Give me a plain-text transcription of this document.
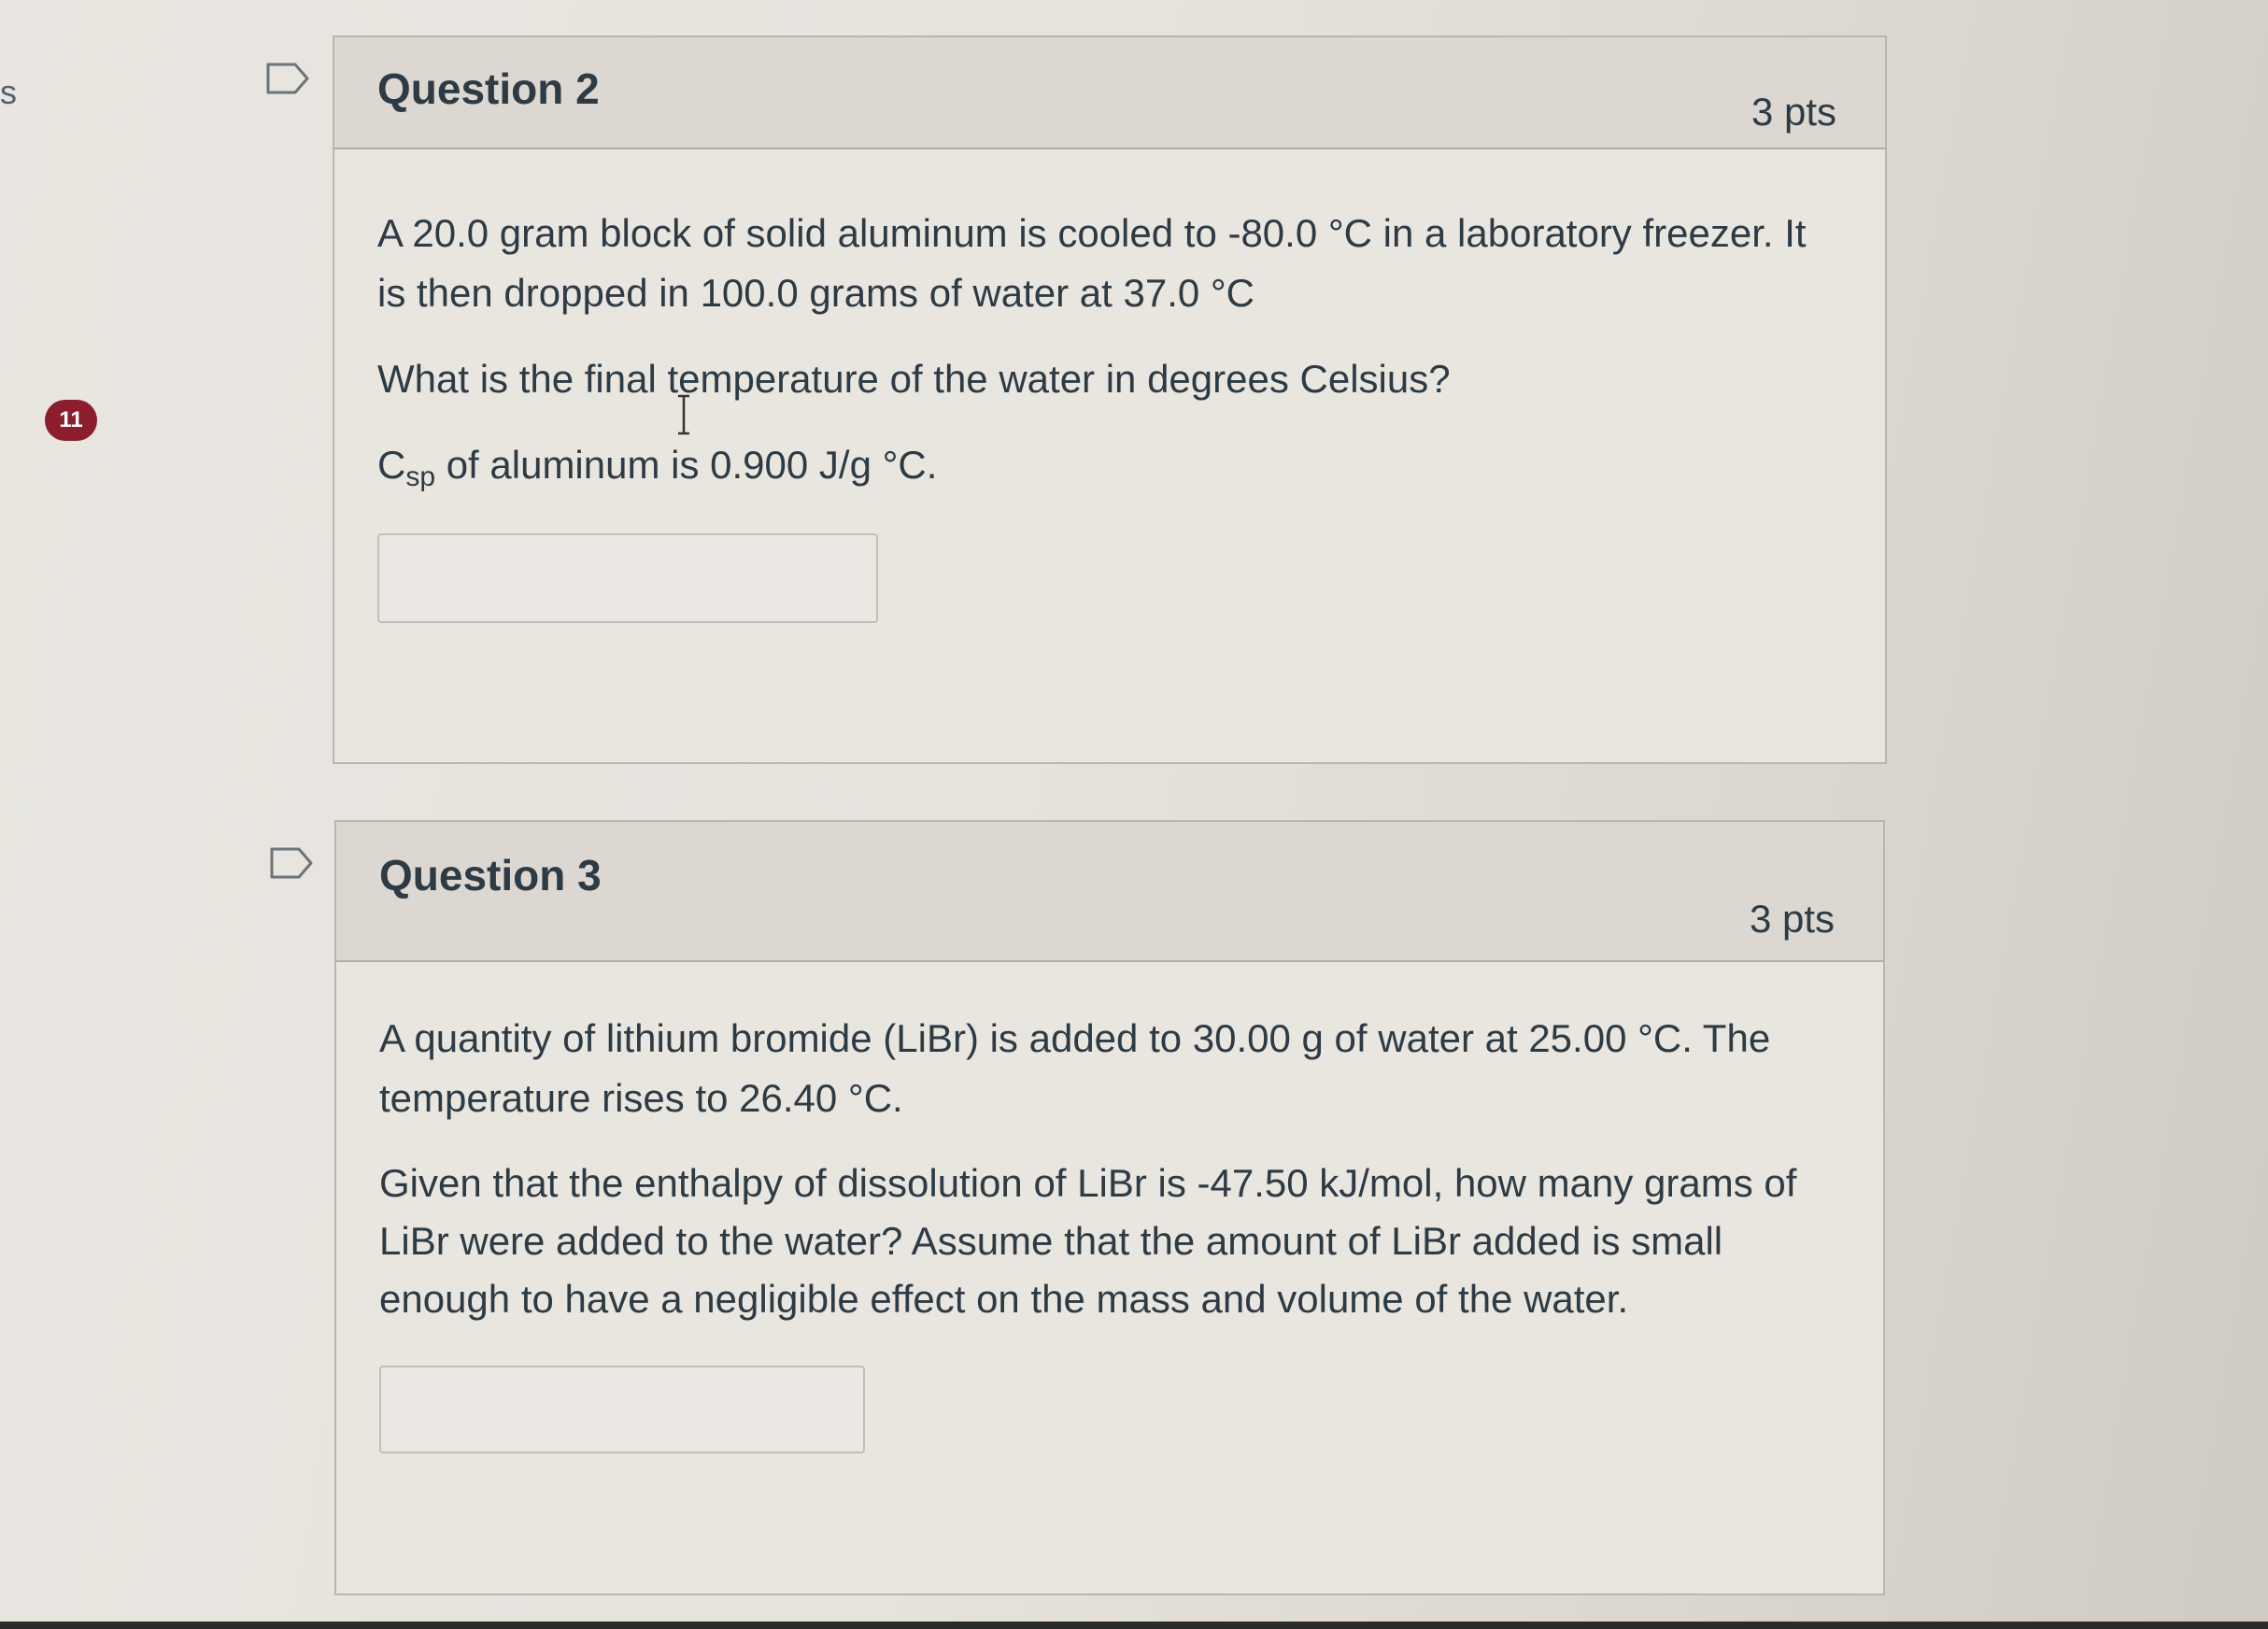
s
11
Question 2	3 pts

A 20.0 gram block of solid aluminum is cooled to -80.0 °C in a laboratory freezer. It is then dropped in 100.0 grams of water at 37.0 °C

What is the final temperature of the water in degrees Celsius?

$C_{sp}$ of aluminum is 0.900 J/g °C.

Question 3
3 pts

A quantity of lithium bromide (LiBr) is added to 30.00 g of water at 25.00 °C. The temperature rises to 26.40 °C.

Given that the enthalpy of dissolution of LiBr is -47.50 kJ/mol, how many grams of LiBr were added to the water? Assume that the amount of LiBr added is small enough to have a negligible effect on the mass and volume of the water.
